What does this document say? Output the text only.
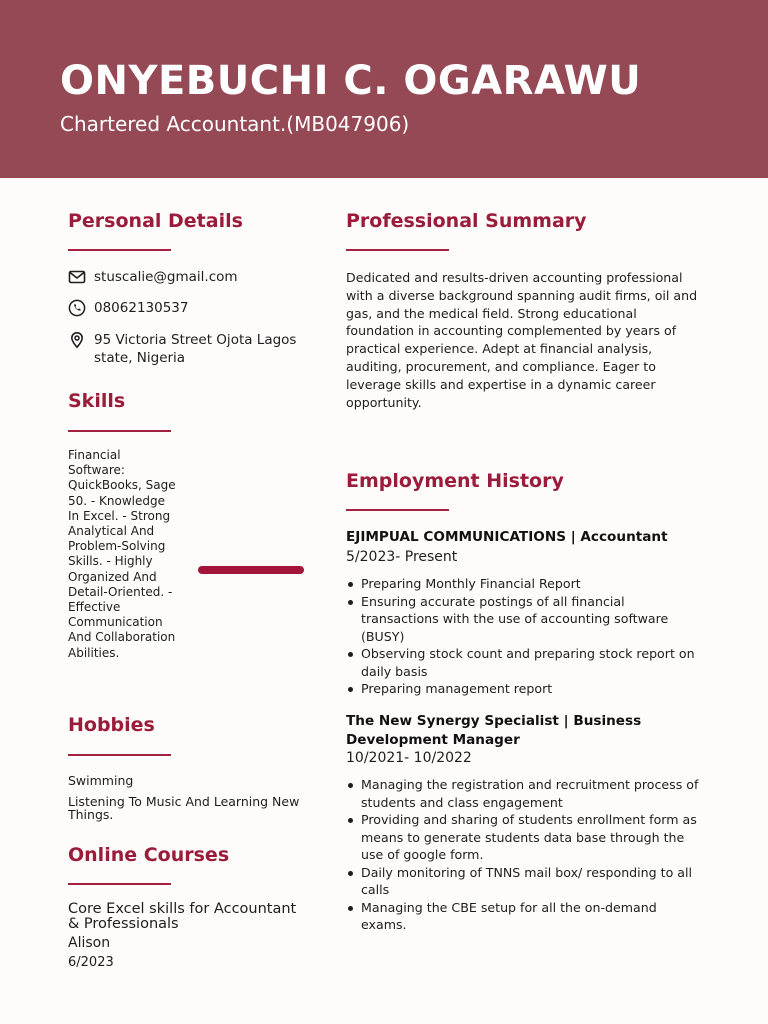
ONYEBUCHI C. OGARAWU
Chartered Accountant.(MB047906)
Personal Details
stuscalie@gmail.com
08062130537
95 Victoria Street Ojota Lagos state, Nigeria
Skills
Financial Software: QuickBooks, Sage 50. - Knowledge In Excel. - Strong Analytical And Problem-Solving Skills. - Highly Organized And Detail-Oriented. - Effective Communication And Collaboration Abilities.
Hobbies
Swimming
Listening To Music And Learning New Things.
Online Courses
Core Excel skills for Accountant & Professionals
Alison
6/2023
Professional Summary
Dedicated and results-driven accounting professional with a diverse background spanning audit firms, oil and gas, and the medical field. Strong educational foundation in accounting complemented by years of practical experience. Adept at financial analysis, auditing, procurement, and compliance. Eager to leverage skills and expertise in a dynamic career opportunity.
Employment History
EJIMPUAL COMMUNICATIONS | Accountant
5/2023- Present
Preparing Monthly Financial Report
Ensuring accurate postings of all financial transactions with the use of accounting software (BUSY)
Observing stock count and preparing stock report on daily basis
Preparing management report
The New Synergy Specialist | Business Development Manager
10/2021- 10/2022
Managing the registration and recruitment process of students and class engagement
Providing and sharing of students enrollment form as means to generate students data base through the use of google form.
Daily monitoring of TNNS mail box/ responding to all calls
Managing the CBE setup for all the on-demand exams.
